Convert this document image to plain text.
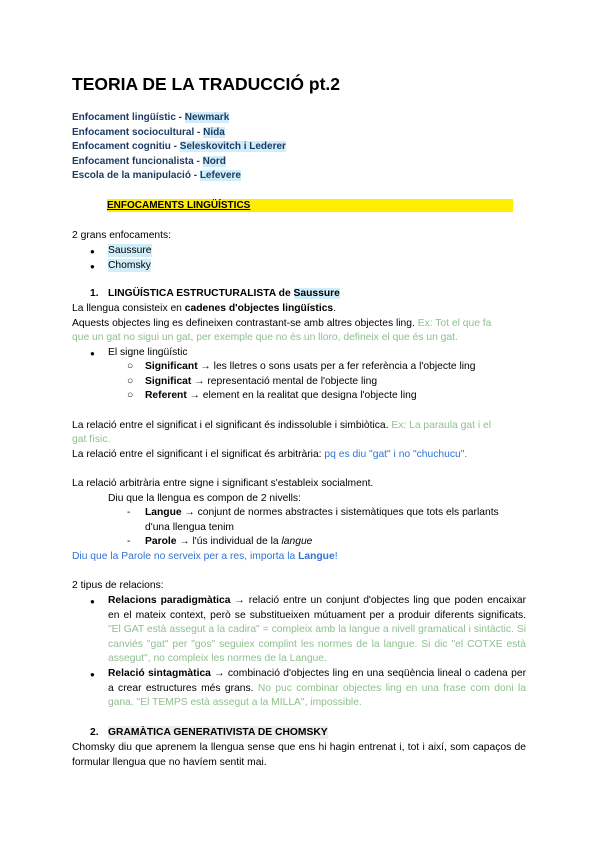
TEORIA DE LA TRADUCCIÓ pt.2
Enfocament lingüístic - Newmark
Enfocament sociocultural - Nida
Enfocament cognitiu - Seleskovitch i Lederer
Enfocament funcionalista - Nord
Escola de la manipulació - Lefevere
ENFOCAMENTS LINGÜÍSTICS
2 grans enfocaments:
● Saussure
● Chomsky
1. LINGÜÍSTICA ESTRUCTURALISTA de Saussure
La llengua consisteix en cadenes d'objectes lingüístics.
Aquests objectes ling es defineixen contrastant-se amb altres objectes ling. Ex: Tot el que fa
que un gat no sigui un gat, per exemple que no és un lloro, defineix el que és un gat.
● El signe lingüístic
○ Significant → les lletres o sons usats per a fer referència a l'objecte ling
○ Significat → representació mental de l'objecte ling
○ Referent → element en la realitat que designa l'objecte ling
La relació entre el significat i el significant és indissoluble i simbiòtica. Ex: La paraula gat i el
gat físic.
La relació entre el significant i el significat és arbitrària: pq es diu "gat" i no "chuchucu".
La relació arbitrària entre signe i significant s'estableix socialment.
Diu que la llengua es compon de 2 nivells:
- Langue → conjunt de normes abstractes i sistemàtiques que tots els parlants
d'una llengua tenim
- Parole → l'ús individual de la langue
Diu que la Parole no serveix per a res, importa la Langue!
2 tipus de relacions:
● Relacions paradigmàtica → relació entre un conjunt d'objectes ling que poden encaixar en el mateix context, però se substitueixen mútuament per a produir diferents significats. "El GAT està assegut a la cadira" = compleix amb la langue a nivell gramatical i sintàctic. Si canviés "gat" per "gos" seguiex complint les normes de la langue. Si dic "el COTXE està assegut", no compleix les normes de la Langue.
● Relació sintagmàtica → combinació d'objectes ling en una seqüència lineal o cadena per a crear estructures més grans. No puc combinar objectes ling en una frase com doni la gana. "El TEMPS està assegut a la MILLA", impossible.
2. GRAMÀTICA GENERATIVISTA DE CHOMSKY
Chomsky diu que aprenem la llengua sense que ens hi hagin entrenat i, tot i així, som capaços de formular llengua que no havíem sentit mai.
